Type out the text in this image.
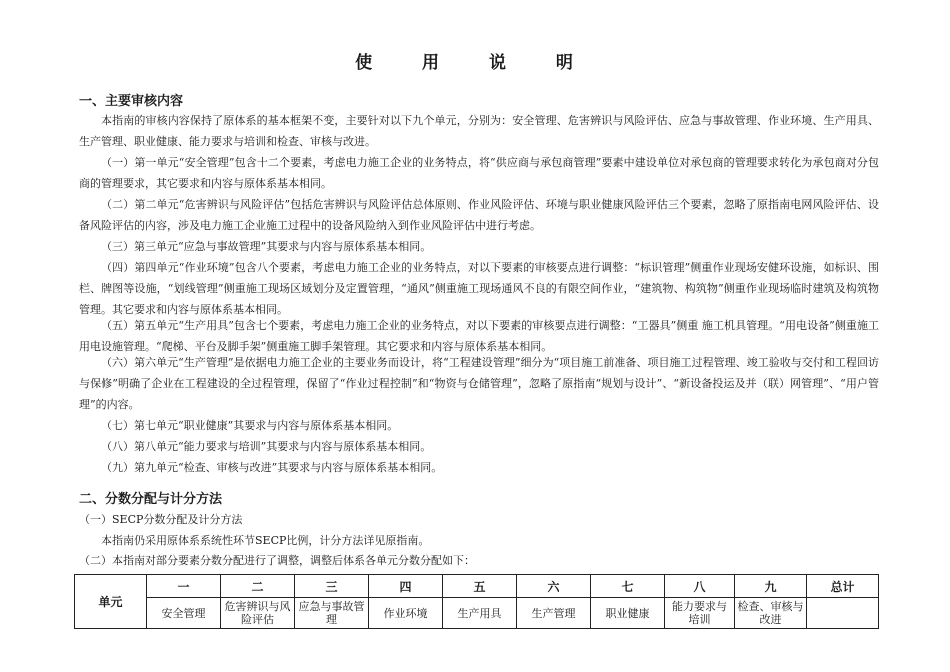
使 用 说 明
一、主要审核内容
本指南的审核内容保持了原体系的基本框架不变，主要针对以下九个单元，分别为：安全管理、危害辨识与风险评估、应急与事故管理、作业环境、生产用具、生产管理、职业健康、能力要求与培训和检查、审核与改进。
（一）第一单元“安全管理”包含十二个要素，考虑电力施工企业的业务特点，将“供应商与承包商管理”要素中建设单位对承包商的管理要求转化为承包商对分包商的管理要求，其它要求和内容与原体系基本相同。
（二）第二单元“危害辨识与风险评估”包括危害辨识与风险评估总体原则、作业风险评估、环境与职业健康风险评估三个要素，忽略了原指南电网风险评估、设备风险评估的内容，涉及电力施工企业施工过程中的设备风险纳入到作业风险评估中进行考虑。
（三）第三单元“应急与事故管理”其要求与内容与原体系基本相同。
（四）第四单元“作业环境”包含八个要素，考虑电力施工企业的业务特点，对以下要素的审核要点进行调整：“标识管理”侧重作业现场安健环设施，如标识、围栏、牌图等设施，“划线管理”侧重施工现场区域划分及定置管理，“通风”侧重施工现场通风不良的有限空间作业，“建筑物、构筑物”侧重作业现场临时建筑及构筑物管理。其它要求和内容与原体系基本相同。
（五）第五单元“生产用具”包含七个要素，考虑电力施工企业的业务特点，对以下要素的审核要点进行调整：“工器具”侧重 施工机具管理。“用电设备”侧重施工用电设施管理。“爬梯、平台及脚手架”侧重施工脚手架管理。其它要求和内容与原体系基本相同。
（六）第六单元“生产管理”是依据电力施工企业的主要业务而设计，将“工程建设管理”细分为“项目施工前准备、项目施工过程管理、竣工验收与交付和工程回访与保修”明确了企业在工程建设的全过程管理，保留了“作业过程控制”和“物资与仓储管理”，忽略了原指南“规划与设计”、“新设备投运及并（联）网管理”、“用户管理”的内容。
（七）第七单元“职业健康”其要求与内容与原体系基本相同。
（八）第八单元“能力要求与培训”其要求与内容与原体系基本相同。
（九）第九单元“检查、审核与改进”其要求与内容与原体系基本相同。
二、分数分配与计分方法
（一）SECP分数分配及计分方法
本指南仍采用原体系系统性环节SECP比例，计分方法详见原指南。
（二）本指南对部分要素分数分配进行了调整，调整后体系各单元分数分配如下：
单元	一	二	三	四	五	六	七	八	九	总计
	安全管理	危害辨识与风险评估	应急与事故管理	作业环境	生产用具	生产管理	职业健康	能力要求与培训	检查、审核与改进	
